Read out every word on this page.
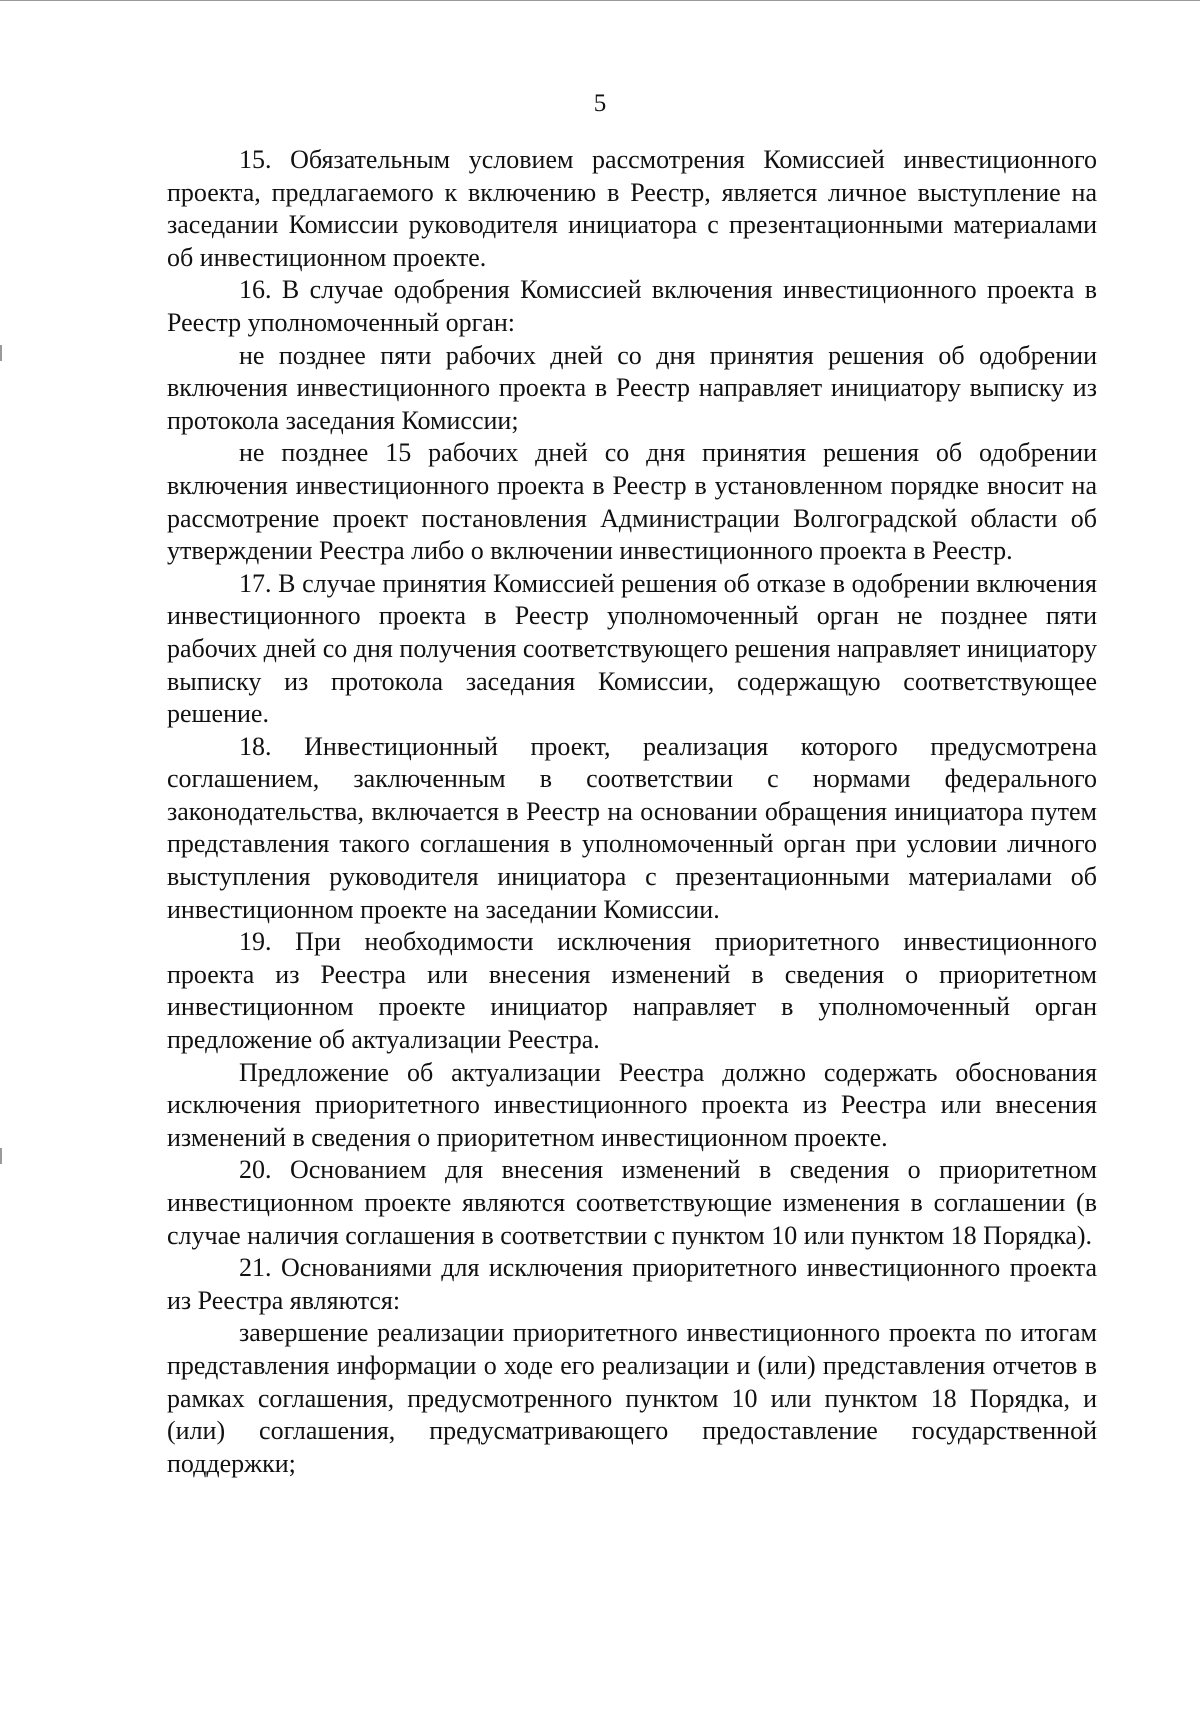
5

15. Обязательным условием рассмотрения Комиссией инвестиционного проекта, предлагаемого к включению в Реестр, является личное выступление на заседании Комиссии руководителя инициатора с презентационными материалами об инвестиционном проекте.

16. В случае одобрения Комиссией включения инвестиционного проекта в Реестр уполномоченный орган:

не позднее пяти рабочих дней со дня принятия решения об одобрении включения инвестиционного проекта в Реестр направляет инициатору выписку из протокола заседания Комиссии;

не позднее 15 рабочих дней со дня принятия решения об одобрении включения инвестиционного проекта в Реестр в установленном порядке вносит на рассмотрение проект постановления Администрации Волгоградской области об утверждении Реестра либо о включении инвестиционного проекта в Реестр.

17. В случае принятия Комиссией решения об отказе в одобрении включения инвестиционного проекта в Реестр уполномоченный орган не позднее пяти рабочих дней со дня получения соответствующего решения направляет инициатору выписку из протокола заседания Комиссии, содержащую соответствующее решение.

18. Инвестиционный проект, реализация которого предусмотрена соглашением, заключенным в соответствии с нормами федерального законодательства, включается в Реестр на основании обращения инициатора путем представления такого соглашения в уполномоченный орган при условии личного выступления руководителя инициатора с презентационными материалами об инвестиционном проекте на заседании Комиссии.

19. При необходимости исключения приоритетного инвестиционного проекта из Реестра или внесения изменений в сведения о приоритетном инвестиционном проекте инициатор направляет в уполномоченный орган предложение об актуализации Реестра.

Предложение об актуализации Реестра должно содержать обоснования исключения приоритетного инвестиционного проекта из Реестра или внесения изменений в сведения о приоритетном инвестиционном проекте.

20. Основанием для внесения изменений в сведения о приоритетном инвестиционном проекте являются соответствующие изменения в соглашении (в случае наличия соглашения в соответствии с пунктом 10 или пунктом 18 Порядка).

21. Основаниями для исключения приоритетного инвестиционного проекта из Реестра являются:

завершение реализации приоритетного инвестиционного проекта по итогам представления информации о ходе его реализации и (или) представления отчетов в рамках соглашения, предусмотренного пунктом 10 или пунктом 18 Порядка, и (или) соглашения, предусматривающего предоставление государственной поддержки;
